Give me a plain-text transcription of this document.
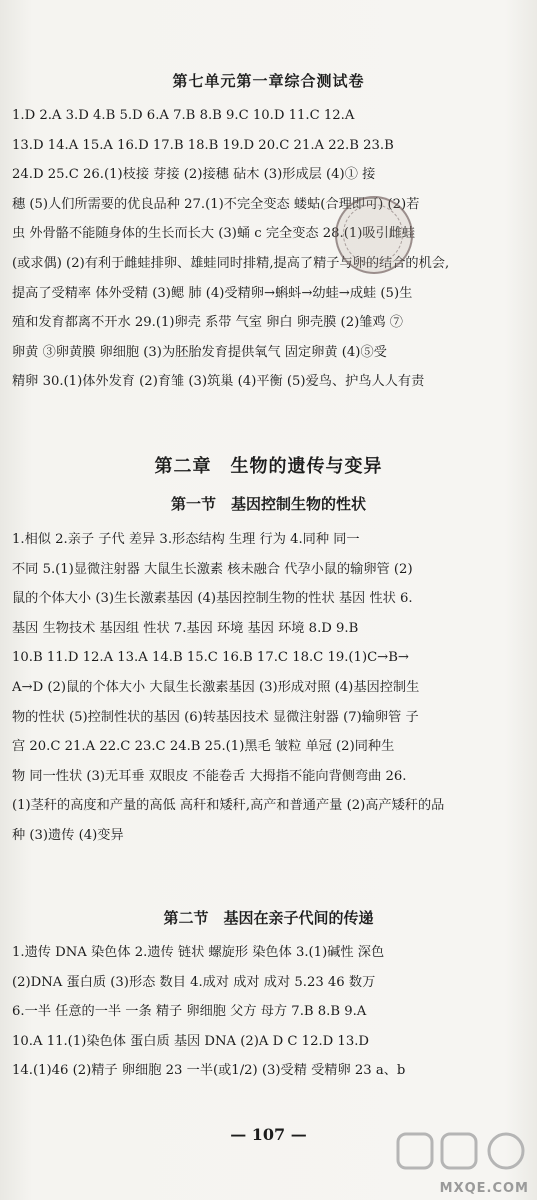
第七单元第一章综合测试卷
1.D 2.A 3.D 4.B 5.D 6.A 7.B 8.B 9.C 10.D 11.C 12.A
13.D 14.A 15.A 16.D 17.B 18.B 19.D 20.C 21.A 22.B 23.B
24.D 25.C 26.(1)枝接 芽接 (2)接穗 砧木 (3)形成层 (4)① 接
穗 (5)人们所需要的优良品种 27.(1)不完全变态 蝼蛄(合理即可) (2)若
虫 外骨骼不能随身体的生长而长大 (3)蛹 c 完全变态 28.(1)吸引雌蛙
(或求偶) (2)有利于雌蛙排卵、雄蛙同时排精,提高了精子与卵的结合的机会,
提高了受精率 体外受精 (3)鳃 肺 (4)受精卵→蝌蚪→幼蛙→成蛙 (5)生
殖和发育都离不开水 29.(1)卵壳 系带 气室 卵白 卵壳膜 (2)雏鸡 ⑦
卵黄 ③卵黄膜 卵细胞 (3)为胚胎发育提供氧气 固定卵黄 (4)⑤受
精卵 30.(1)体外发育 (2)育雏 (3)筑巢 (4)平衡 (5)爱鸟、护鸟人人有责
第二章　生物的遗传与变异
第一节　基因控制生物的性状
1.相似 2.亲子 子代 差异 3.形态结构 生理 行为 4.同种 同一
不同 5.(1)显微注射器 大鼠生长激素 核未融合 代孕小鼠的输卵管 (2)
鼠的个体大小 (3)生长激素基因 (4)基因控制生物的性状 基因 性状 6.
基因 生物技术 基因组 性状 7.基因 环境 基因 环境 8.D 9.B
10.B 11.D 12.A 13.A 14.B 15.C 16.B 17.C 18.C 19.(1)C→B→
A→D (2)鼠的个体大小 大鼠生长激素基因 (3)形成对照 (4)基因控制生
物的性状 (5)控制性状的基因 (6)转基因技术 显微注射器 (7)输卵管 子
宫 20.C 21.A 22.C 23.C 24.B 25.(1)黑毛 皱粒 单冠 (2)同种生
物 同一性状 (3)无耳垂 双眼皮 不能卷舌 大拇指不能向背侧弯曲 26.
(1)茎秆的高度和产量的高低 高秆和矮秆,高产和普通产量 (2)高产矮秆的品
种 (3)遗传 (4)变异
第二节　基因在亲子代间的传递
1.遗传 DNA 染色体 2.遗传 链状 螺旋形 染色体 3.(1)碱性 深色
(2)DNA 蛋白质 (3)形态 数目 4.成对 成对 成对 5.23 46 数万
6.一半 任意的一半 一条 精子 卵细胞 父方 母方 7.B 8.B 9.A
10.A 11.(1)染色体 蛋白质 基因 DNA (2)A D C 12.D 13.D
14.(1)46 (2)精子 卵细胞 23 一半(或1/2) (3)受精 受精卵 23 a、b
— 107 —
MXQE.COM
